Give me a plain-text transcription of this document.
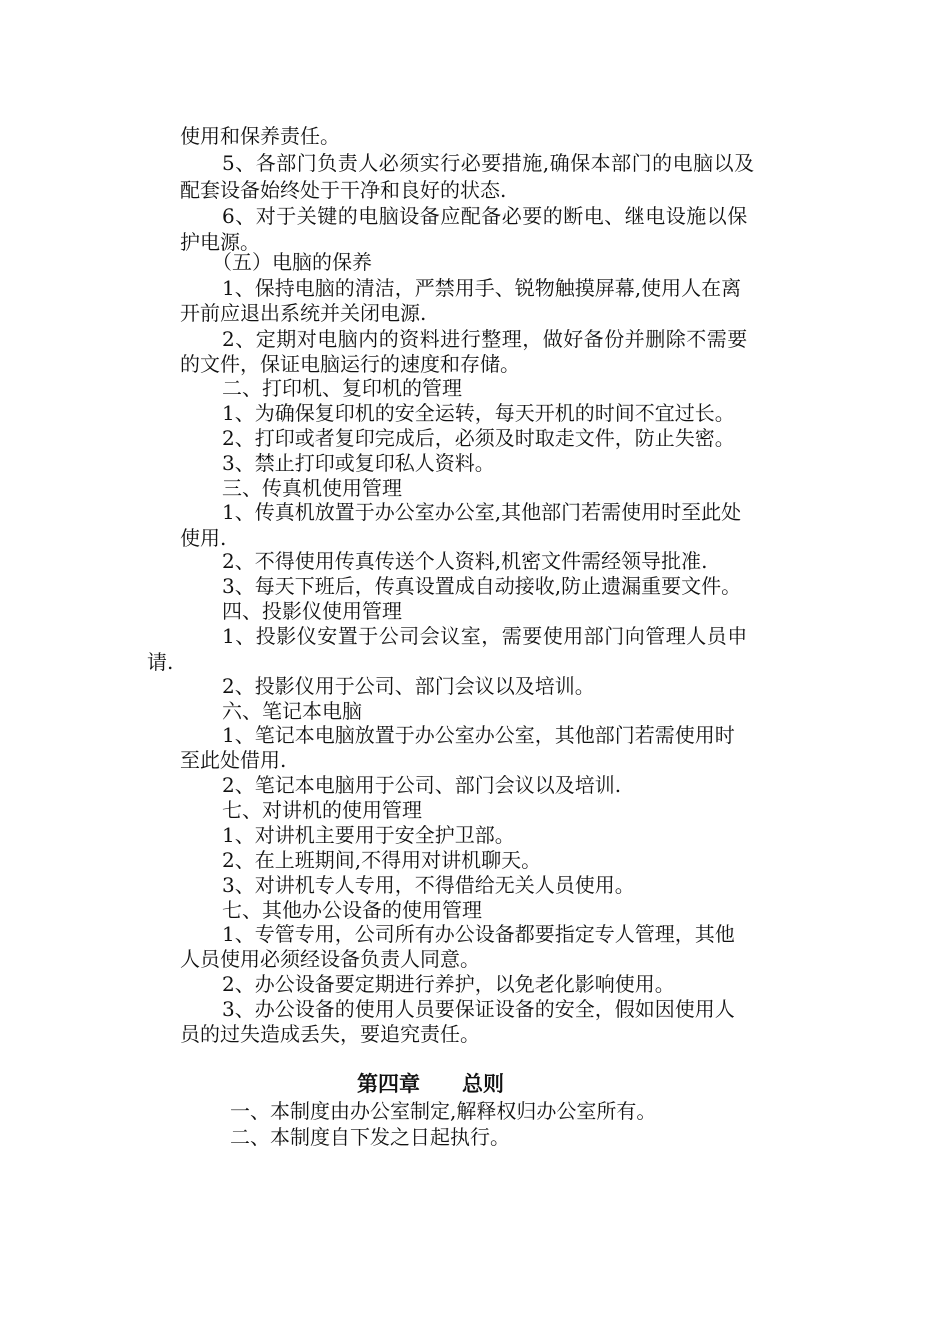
使用和保养责任。
5、各部门负责人必须实行必要措施,确保本部门的电脑以及
配套设备始终处于干净和良好的状态.
6、对于关键的电脑设备应配备必要的断电、继电设施以保
护电源。
（五）电脑的保养
1、保持电脑的清洁，严禁用手、锐物触摸屏幕,使用人在离
开前应退出系统并关闭电源.
2、定期对电脑内的资料进行整理，做好备份并删除不需要
的文件，保证电脑运行的速度和存储。
二、打印机、复印机的管理
1、为确保复印机的安全运转，每天开机的时间不宜过长。
2、打印或者复印完成后，必须及时取走文件，防止失密。
3、禁止打印或复印私人资料。
三、传真机使用管理
1、传真机放置于办公室办公室,其他部门若需使用时至此处
使用.
2、不得使用传真传送个人资料,机密文件需经领导批准.
3、每天下班后，传真设置成自动接收,防止遗漏重要文件。
四、投影仪使用管理
1、投影仪安置于公司会议室，需要使用部门向管理人员申
请.
2、投影仪用于公司、部门会议以及培训。
六、笔记本电脑
1、笔记本电脑放置于办公室办公室，其他部门若需使用时
至此处借用.
2、笔记本电脑用于公司、部门会议以及培训.
七、对讲机的使用管理
1、对讲机主要用于安全护卫部。
2、在上班期间,不得用对讲机聊天。
3、对讲机专人专用，不得借给无关人员使用。
七、其他办公设备的使用管理
1、专管专用，公司所有办公设备都要指定专人管理，其他
人员使用必须经设备负责人同意。
2、办公设备要定期进行养护，以免老化影响使用。
3、办公设备的使用人员要保证设备的安全，假如因使用人
员的过失造成丢失，要追究责任。
第四章　　总则
一、本制度由办公室制定,解释权归办公室所有。
二、本制度自下发之日起执行。
